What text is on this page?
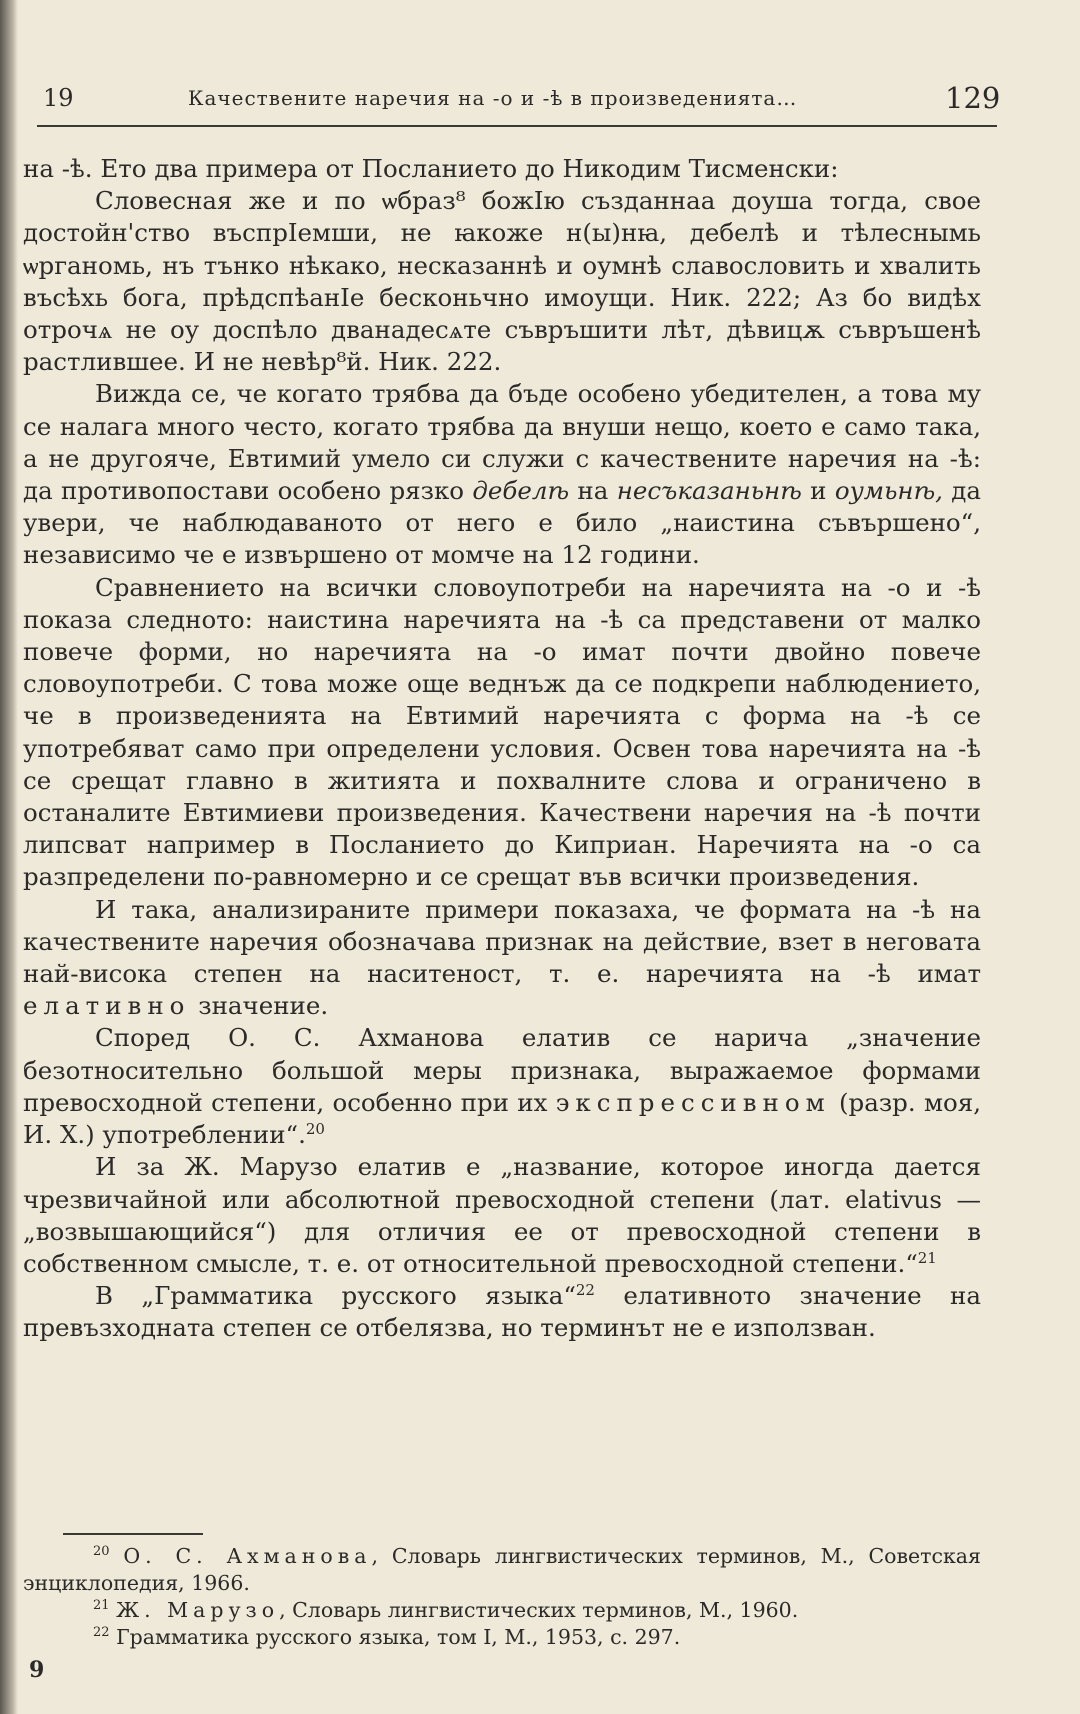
19	Качествените наречия на -о и -ѣ в произведенията…	129

на -ѣ. Ето два примера от Посланието до Никодим Тисменски:

Словесная же и по ѡбраз⁸ божІю създаннаа доуша тогда, свое достойн'ство въспрІемши, не ꙗкоже н(ы)нꙗ, дебелѣ и тѣлеснымь ѡрганомь, нъ тънко нѣкако, несказаннѣ и оумнѣ славословить и хвалить въсѣхь бога, прѣдспѣанІе бесконьчно имоущи. Ник. 222; Аз бо видѣх отрочѧ не оу доспѣло дванадесѧте съвръшити лѣт, дѣвицѫ съвръшенѣ растлившее. И не невѣр⁸й. Ник. 222.

Вижда се, че когато трябва да бъде особено убедителен, а това му се налага много често, когато трябва да внуши нещо, което е само така, а не другояче, Евтимий умело си служи с качествените наречия на -ѣ: да противопостави особено рязко дебелѣ на несъказаньнѣ и оумьнѣ, да увери, че наблюдаваното от него е било „наистина съвършено“, независимо че е извършено от момче на 12 години.

Сравнението на всички словоупотреби на наречията на -о и -ѣ показа следното: наистина наречията на -ѣ са представени от малко повече форми, но наречията на -о имат почти двойно повече словоупотреби. С това може още веднъж да се подкрепи наблюдението, че в произведенията на Евтимий наречията с форма на -ѣ се употребяват само при определени условия. Освен това наречията на -ѣ се срещат главно в житията и похвалните слова и ограничено в останалите Евтимиеви произведения. Качествени наречия на -ѣ почти липсват например в Посланието до Киприан. Наречията на -о са разпределени по-равномерно и се срещат във всички произведения.

И така, анализираните примери показаха, че формата на -ѣ на качествените наречия обозначава признак на действие, взет в неговата най-висока степен на наситеност, т. е. наречията на -ѣ имат елативно значение.

Според О. С. Ахманова елатив се нарича „значение безотносительно большой меры признака, выражаемое формами превосходной степени, особенно при их экспрессивном (разр. моя, И. Х.) употреблении“.$^{20}$

И за Ж. Марузо елатив е „название, которое иногда дается чрезвичайной или абсолютной превосходной степени (лат. elativus — „возвышающийся“) для отличия ее от превосходной степени в собственном смысле, т. е. от относительной превосходной степени.“$^{21}$

В „Грамматика русского языка“$^{22}$ елативното значение на превъзходната степен се отбелязва, но терминът не е използван.

$^{20}$ О. С. Ахманова, Словарь лингвистических терминов, М., Советская энциклопедия, 1966.

$^{21}$ Ж. Марузо, Словарь лингвистических терминов, М., 1960.

$^{22}$ Грамматика русского языка, том I, М., 1953, с. 297.

9
